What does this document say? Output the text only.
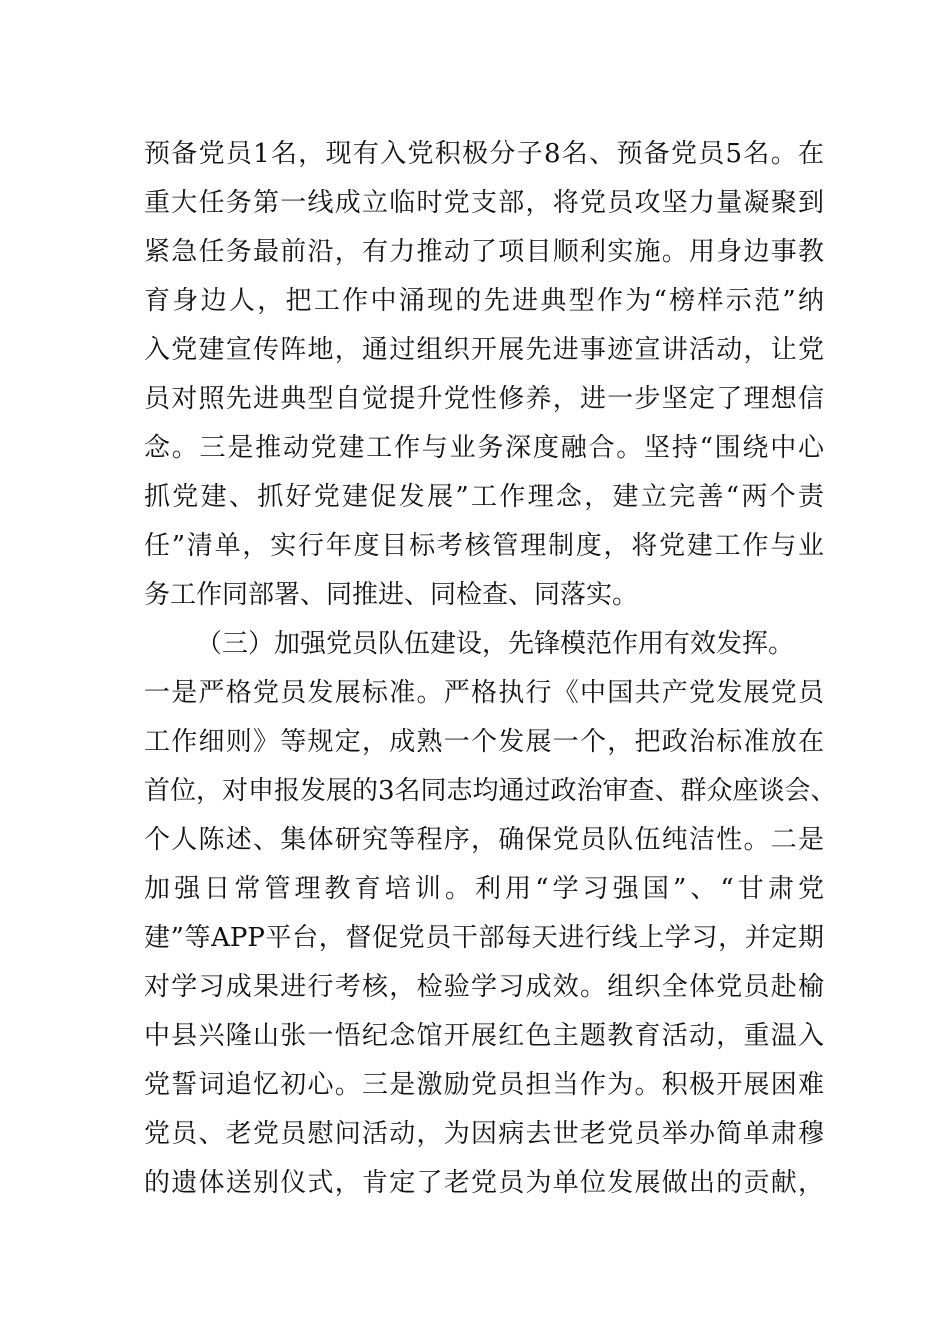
预备党员1名，现有入党积极分子8名、预备党员5名。在
重大任务第一线成立临时党支部，将党员攻坚力量凝聚到
紧急任务最前沿，有力推动了项目顺利实施。用身边事教
育身边人，把工作中涌现的先进典型作为“榜样示范”纳
入党建宣传阵地，通过组织开展先进事迹宣讲活动，让党
员对照先进典型自觉提升党性修养，进一步坚定了理想信
念。三是推动党建工作与业务深度融合。坚持“围绕中心
抓党建、抓好党建促发展”工作理念，建立完善“两个责
任”清单，实行年度目标考核管理制度，将党建工作与业
务工作同部署、同推进、同检查、同落实。
（三）加强党员队伍建设，先锋模范作用有效发挥。
一是严格党员发展标准。严格执行《中国共产党发展党员
工作细则》等规定，成熟一个发展一个，把政治标准放在
首位，对申报发展的3名同志均通过政治审查、群众座谈会、
个人陈述、集体研究等程序，确保党员队伍纯洁性。二是
加强日常管理教育培训。利用“学习强国”、“甘肃党
建”等APP平台，督促党员干部每天进行线上学习，并定期
对学习成果进行考核，检验学习成效。组织全体党员赴榆
中县兴隆山张一悟纪念馆开展红色主题教育活动，重温入
党誓词追忆初心。三是激励党员担当作为。积极开展困难
党员、老党员慰问活动，为因病去世老党员举办简单肃穆
的遗体送别仪式，肯定了老党员为单位发展做出的贡献，
